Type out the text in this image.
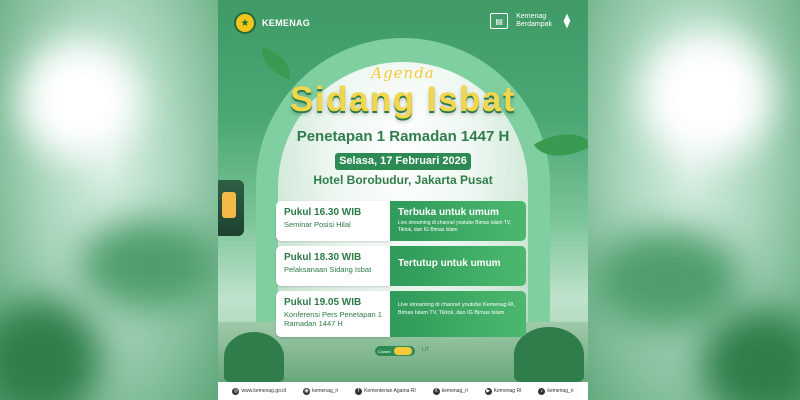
★	KEMENAG	▤	Kemenag
Berdampak ⧫
Agenda
Sidang Isbat
Penetapan 1 Ramadan 1447 H
Selasa, 17 Februari 2026
Hotel Borobudur, Jakarta Pusat
Pukul 16.30 WIB
Seminar Posisi Hilal
Terbuka untuk umum
Live streaming di channel youtube Bimas Islam TV, Tiktok, dan IG Bimas Islam
Pukul 18.30 WIB
Pelaksanaan Sidang Isbat
Tertutup untuk umum
Pukul 19.05 WIB
Konferensi Pers Penetapan 1 Ramadan 1447 H
Live streaming di channel youtube Kemenag RI, Bimas Islam TV, Tiktok, dan IG Bimas Islam
Closed	LIT
◎ www.kemenag.go.id	◉ kemenag_ri	f Kementerian Agama RI	X kemenag_ri	▶ Kemenag RI	♪ kemenag_ri
